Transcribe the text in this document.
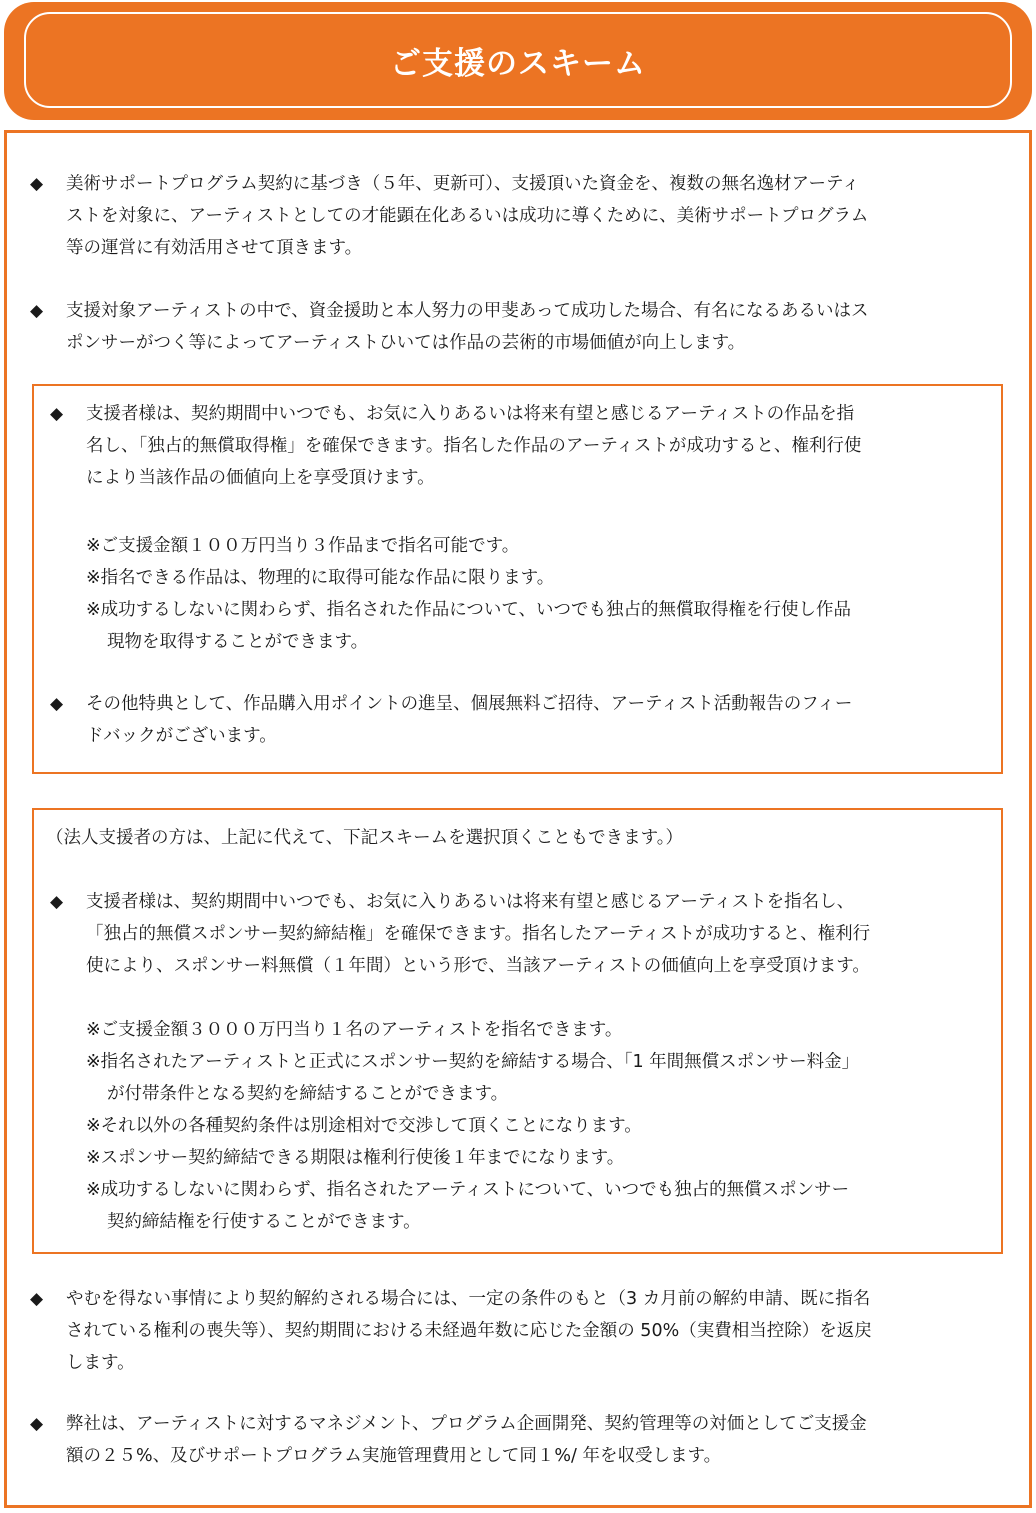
ご支援のスキーム
◆ 美術サポートプログラム契約に基づき（５年、更新可）、支援頂いた資金を、複数の無名逸材アーティ

ストを対象に、アーティストとしての才能顕在化あるいは成功に導くために、美術サポートプログラム

等の運営に有効活用させて頂きます。

◆ 支援対象アーティストの中で、資金援助と本人努力の甲斐あって成功した場合、有名になるあるいはス

ポンサーがつく等によってアーティストひいては作品の芸術的市場価値が向上します。

◆ 支援者様は、契約期間中いつでも、お気に入りあるいは将来有望と感じるアーティストの作品を指

名し、「独占的無償取得権」を確保できます。指名した作品のアーティストが成功すると、権利行使

により当該作品の価値向上を享受頂けます。

※ご支援金額１００万円当り３作品まで指名可能です。

※指名できる作品は、物理的に取得可能な作品に限ります。

※成功するしないに関わらず、指名された作品について、いつでも独占的無償取得権を行使し作品

現物を取得することができます。

◆ その他特典として、作品購入用ポイントの進呈、個展無料ご招待、アーティスト活動報告のフィー

ドバックがございます。

（法人支援者の方は、上記に代えて、下記スキームを選択頂くこともできます。）

◆ 支援者様は、契約期間中いつでも、お気に入りあるいは将来有望と感じるアーティストを指名し、

「独占的無償スポンサー契約締結権」を確保できます。指名したアーティストが成功すると、権利行

使により、スポンサー料無償（１年間）という形で、当該アーティストの価値向上を享受頂けます。

※ご支援金額３０００万円当り１名のアーティストを指名できます。

※指名されたアーティストと正式にスポンサー契約を締結する場合、「1 年間無償スポンサー料金」

が付帯条件となる契約を締結することができます。

※それ以外の各種契約条件は別途相対で交渉して頂くことになります。

※スポンサー契約締結できる期限は権利行使後１年までになります。

※成功するしないに関わらず、指名されたアーティストについて、いつでも独占的無償スポンサー

契約締結権を行使することができます。

◆ やむを得ない事情により契約解約される場合には、一定の条件のもと（3 カ月前の解約申請、既に指名

されている権利の喪失等）、契約期間における未経過年数に応じた金額の 50%（実費相当控除）を返戻

します。

◆ 弊社は、アーティストに対するマネジメント、プログラム企画開発、契約管理等の対価としてご支援金

額の２５%、及びサポートプログラム実施管理費用として同１%/ 年を収受します。
